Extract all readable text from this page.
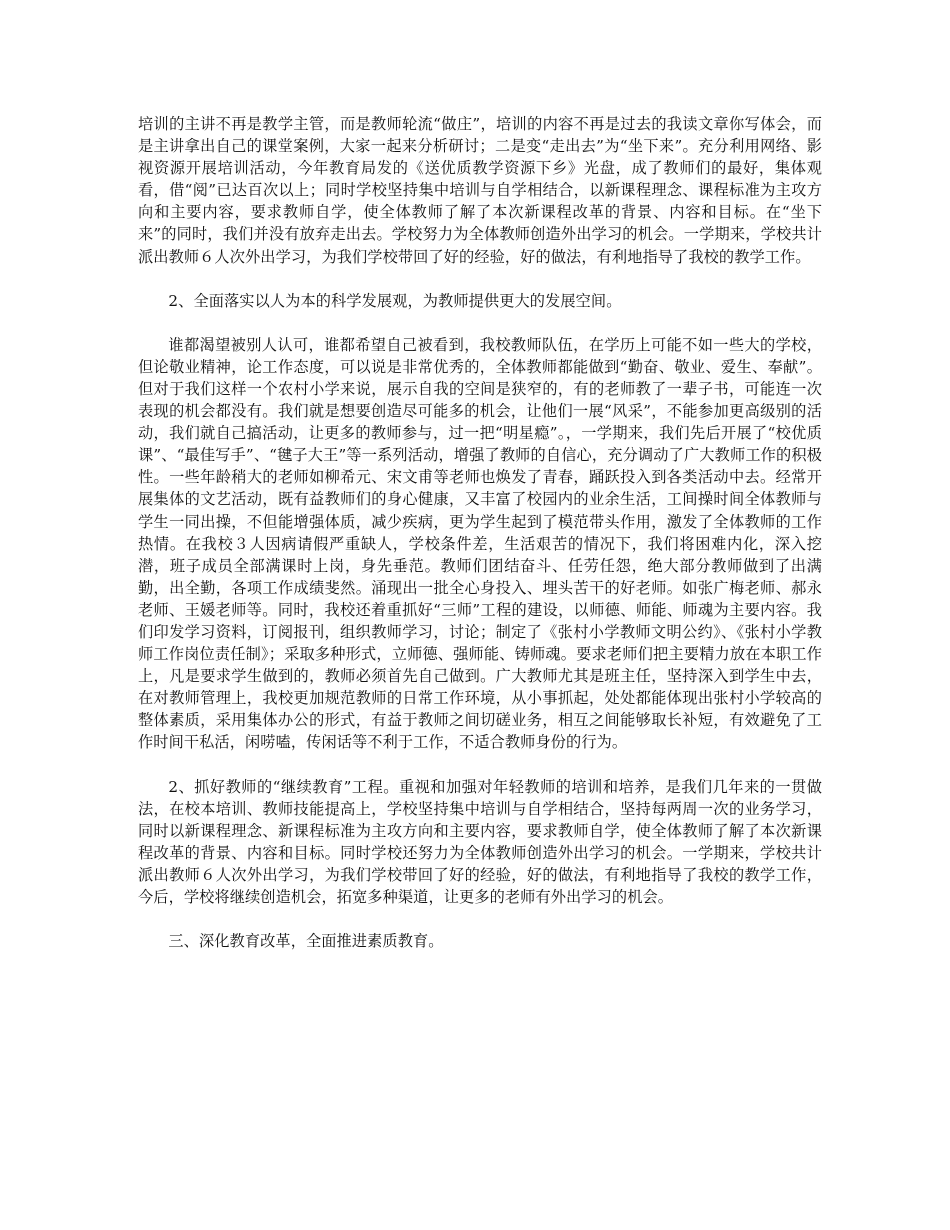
培训的主讲不再是教学主管，而是教师轮流“做庄”，培训的内容不再是过去的我读文章你写体会，而是主讲拿出自己的课堂案例，大家一起来分析研讨；二是变“走出去”为“坐下来”。充分利用网络、影视资源开展培训活动，今年教育局发的《送优质教学资源下乡》光盘，成了教师们的最好，集体观看，借“阅”已达百次以上；同时学校坚持集中培训与自学相结合，以新课程理念、课程标准为主攻方向和主要内容，要求教师自学，使全体教师了解了本次新课程改革的背景、内容和目标。在“坐下来”的同时，我们并没有放弃走出去。学校努力为全体教师创造外出学习的机会。一学期来，学校共计派出教师６人次外出学习，为我们学校带回了好的经验，好的做法，有利地指导了我校的教学工作。

2、全面落实以人为本的科学发展观，为教师提供更大的发展空间。

谁都渴望被别人认可，谁都希望自己被看到，我校教师队伍，在学历上可能不如一些大的学校，但论敬业精神，论工作态度，可以说是非常优秀的，全体教师都能做到“勤奋、敬业、爱生、奉献”。但对于我们这样一个农村小学来说，展示自我的空间是狭窄的，有的老师教了一辈子书，可能连一次表现的机会都没有。我们就是想要创造尽可能多的机会，让他们一展“风采”，不能参加更高级别的活动，我们就自己搞活动，让更多的教师参与，过一把“明星瘾”。，一学期来，我们先后开展了“校优质课”、“最佳写手”、“毽子大王”等一系列活动，增强了教师的自信心，充分调动了广大教师工作的积极性。一些年龄稍大的老师如柳希元、宋文甫等老师也焕发了青春，踊跃投入到各类活动中去。经常开展集体的文艺活动，既有益教师们的身心健康，又丰富了校园内的业余生活，工间操时间全体教师与学生一同出操，不但能增强体质，减少疾病，更为学生起到了模范带头作用，激发了全体教师的工作热情。在我校３人因病请假严重缺人，学校条件差，生活艰苦的情况下，我们将困难内化，深入挖潜，班子成员全部满课时上岗，身先垂范。教师们团结奋斗、任劳任怨，绝大部分教师做到了出满勤，出全勤，各项工作成绩斐然。涌现出一批全心身投入、埋头苦干的好老师。如张广梅老师、郝永老师、王媛老师等。同时，我校还着重抓好“三师”工程的建设，以师德、师能、师魂为主要内容。我们印发学习资料，订阅报刊，组织教师学习，讨论；制定了《张村小学教师文明公约》、《张村小学教师工作岗位责任制》；采取多种形式，立师德、强师能、铸师魂。要求老师们把主要精力放在本职工作上，凡是要求学生做到的，教师必须首先自己做到。广大教师尤其是班主任，坚持深入到学生中去，在对教师管理上，我校更加规范教师的日常工作环境，从小事抓起，处处都能体现出张村小学较高的整体素质，采用集体办公的形式，有益于教师之间切磋业务，相互之间能够取长补短，有效避免了工作时间干私活，闲唠嗑，传闲话等不利于工作，不适合教师身份的行为。

2、抓好教师的“继续教育”工程。重视和加强对年轻教师的培训和培养，是我们几年来的一贯做法，在校本培训、教师技能提高上，学校坚持集中培训与自学相结合，坚持每两周一次的业务学习，同时以新课程理念、新课程标准为主攻方向和主要内容，要求教师自学，使全体教师了解了本次新课程改革的背景、内容和目标。同时学校还努力为全体教师创造外出学习的机会。一学期来，学校共计派出教师６人次外出学习，为我们学校带回了好的经验，好的做法，有利地指导了我校的教学工作，今后，学校将继续创造机会，拓宽多种渠道，让更多的老师有外出学习的机会。

三、深化教育改革，全面推进素质教育。
